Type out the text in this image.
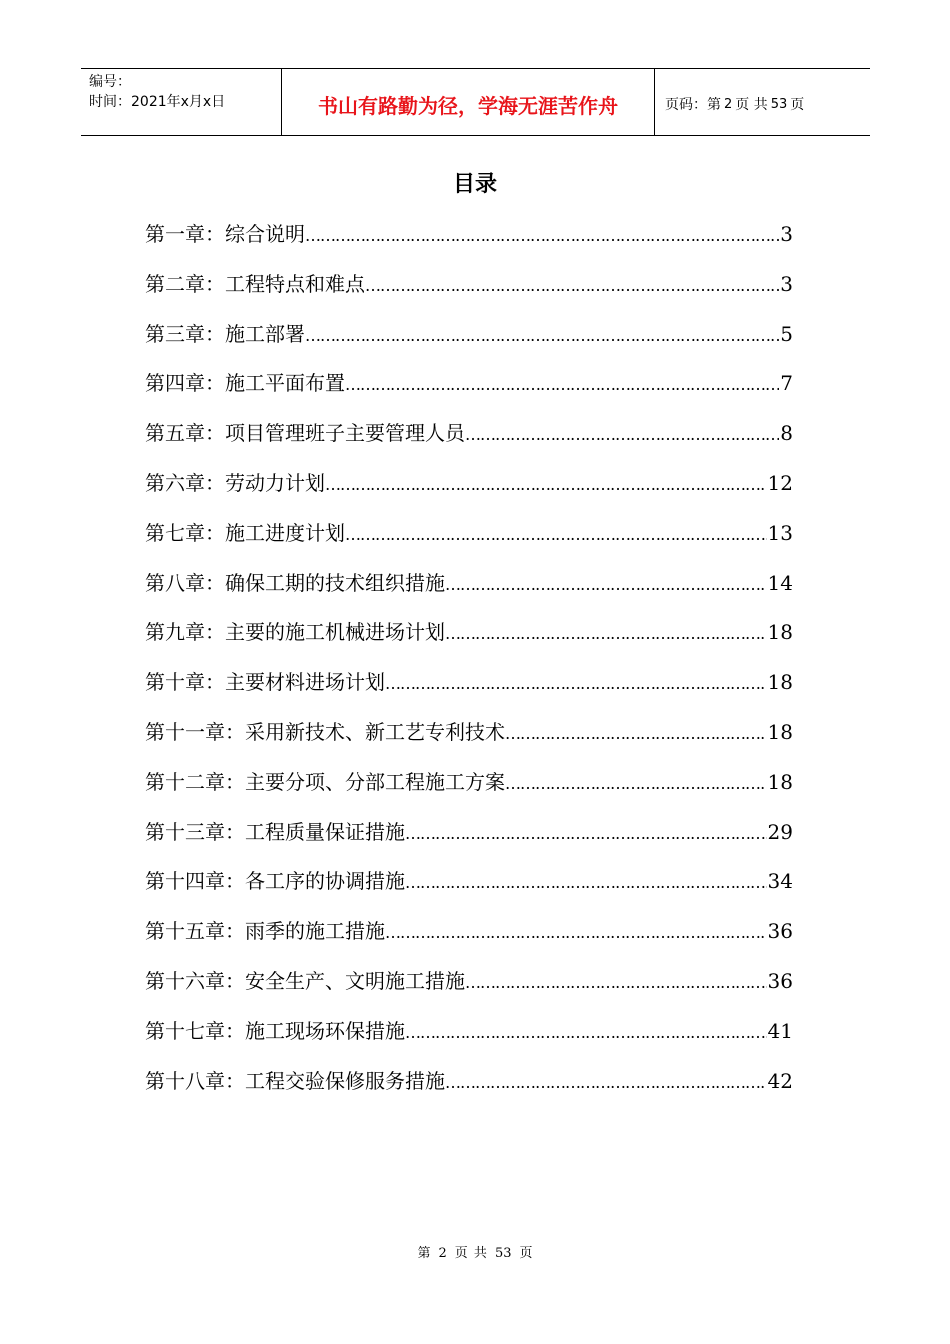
编号：
时间：2021年x月x日	书山有路勤为径，学海无涯苦作舟	页码：第 2 页 共 53 页
目录
第一章：综合说明 ……………………………………………………………………………………………………………………………………………………………………	3
第二章：工程特点和难点 ……………………………………………………………………………………………………………………………………………………………………	3
第三章：施工部署 ……………………………………………………………………………………………………………………………………………………………………	5
第四章：施工平面布置 ……………………………………………………………………………………………………………………………………………………………………	7
第五章：项目管理班子主要管理人员 ……………………………………………………………………………………………………………………………………………………………………	8
第六章：劳动力计划 ……………………………………………………………………………………………………………………………………………………………………	12
第七章：施工进度计划 ……………………………………………………………………………………………………………………………………………………………………	13
第八章：确保工期的技术组织措施 ……………………………………………………………………………………………………………………………………………………………………	14
第九章：主要的施工机械进场计划 ……………………………………………………………………………………………………………………………………………………………………	18
第十章：主要材料进场计划 ……………………………………………………………………………………………………………………………………………………………………	18
第十一章：采用新技术、新工艺专利技术 ……………………………………………………………………………………………………………………………………………………………………	18
第十二章：主要分项、分部工程施工方案 ……………………………………………………………………………………………………………………………………………………………………	18
第十三章：工程质量保证措施 ……………………………………………………………………………………………………………………………………………………………………	29
第十四章：各工序的协调措施 ……………………………………………………………………………………………………………………………………………………………………	34
第十五章：雨季的施工措施 ……………………………………………………………………………………………………………………………………………………………………	36
第十六章：安全生产、文明施工措施 ……………………………………………………………………………………………………………………………………………………………………	36
第十七章：施工现场环保措施 ……………………………………………………………………………………………………………………………………………………………………	41
第十八章：工程交验保修服务措施 ……………………………………………………………………………………………………………………………………………………………………	42
第 2 页 共 53 页
